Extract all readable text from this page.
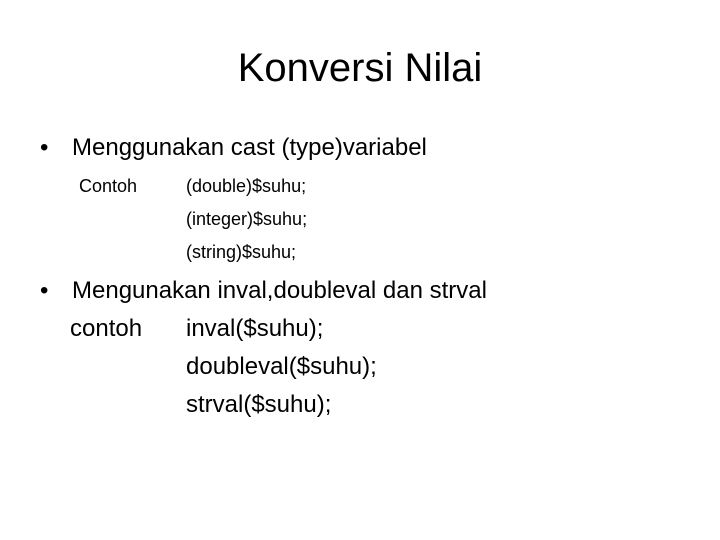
Konversi Nilai
• Menggunakan cast (type)variabel
Contoh	(double)$suhu;
(integer)$suhu;
(string)$suhu;
• Mengunakan inval,doubleval dan strval
contoh inval($suhu);
doubleval($suhu);
strval($suhu);
